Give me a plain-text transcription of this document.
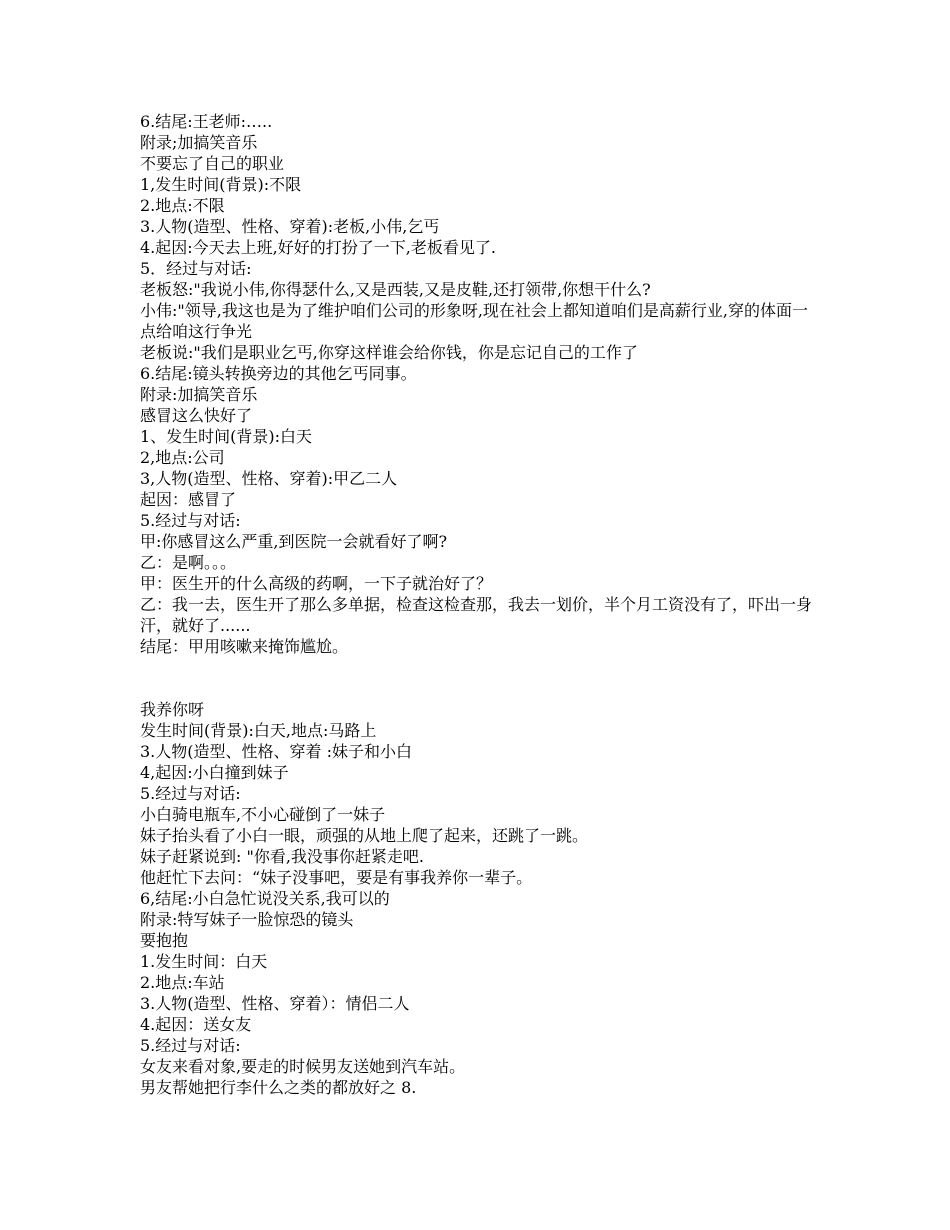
6.结尾:王老师:…..
附录;加搞笑音乐
不要忘了自己的职业
1,发生时间(背景):不限
2.地点:不限
3.人物(造型、性格、穿着):老板,小伟,乞丐
4.起因:今天去上班,好好的打扮了一下,老板看见了.
5．经过与对话:
老板怒:"我说小伟,你得瑟什么,又是西装,又是皮鞋,还打领带,你想干什么?
小伟:"领导,我这也是为了维护咱们公司的形象呀,现在社会上都知道咱们是高薪行业,穿的体面一点给咱这行争光
老板说:"我们是职业乞丐,你穿这样谁会给你钱，你是忘记自己的工作了
6.结尾:镜头转换旁边的其他乞丐同事。
附录:加搞笑音乐
感冒这么快好了
1、发生时间(背景):白天
2,地点:公司
3,人物(造型、性格、穿着):甲乙二人
起因：感冒了
5.经过与对话:
甲:你感冒这么严重,到医院一会就看好了啊?
乙：是啊。。。
甲：医生开的什么高级的药啊，一下子就治好了？
乙：我一去，医生开了那么多单据，检查这检查那，我去一划价，半个月工资没有了，吓出一身汗，就好了......
结尾：甲用咳嗽来掩饰尴尬。
我养你呀
发生时间(背景):白天,地点:马路上
3.人物(造型、性格、穿着 :妹子和小白
4,起因:小白撞到妹子
5.经过与对话:
小白骑电瓶车,不小心碰倒了一妹子
妹子抬头看了小白一眼，顽强的从地上爬了起来，还跳了一跳。
妹子赶紧说到: "你看,我没事你赶紧走吧.
他赶忙下去问：“妹子没事吧，要是有事我养你一辈子。
6,结尾:小白急忙说没关系,我可以的
附录:特写妹子一脸惊恐的镜头
要抱抱
1.发生时间：白天
2.地点:车站
3.人物(造型、性格、穿着）：情侣二人
4.起因：送女友
5.经过与对话:
女友来看对象,要走的时候男友送她到汽车站。
男友帮她把行李什么之类的都放好之 8.
